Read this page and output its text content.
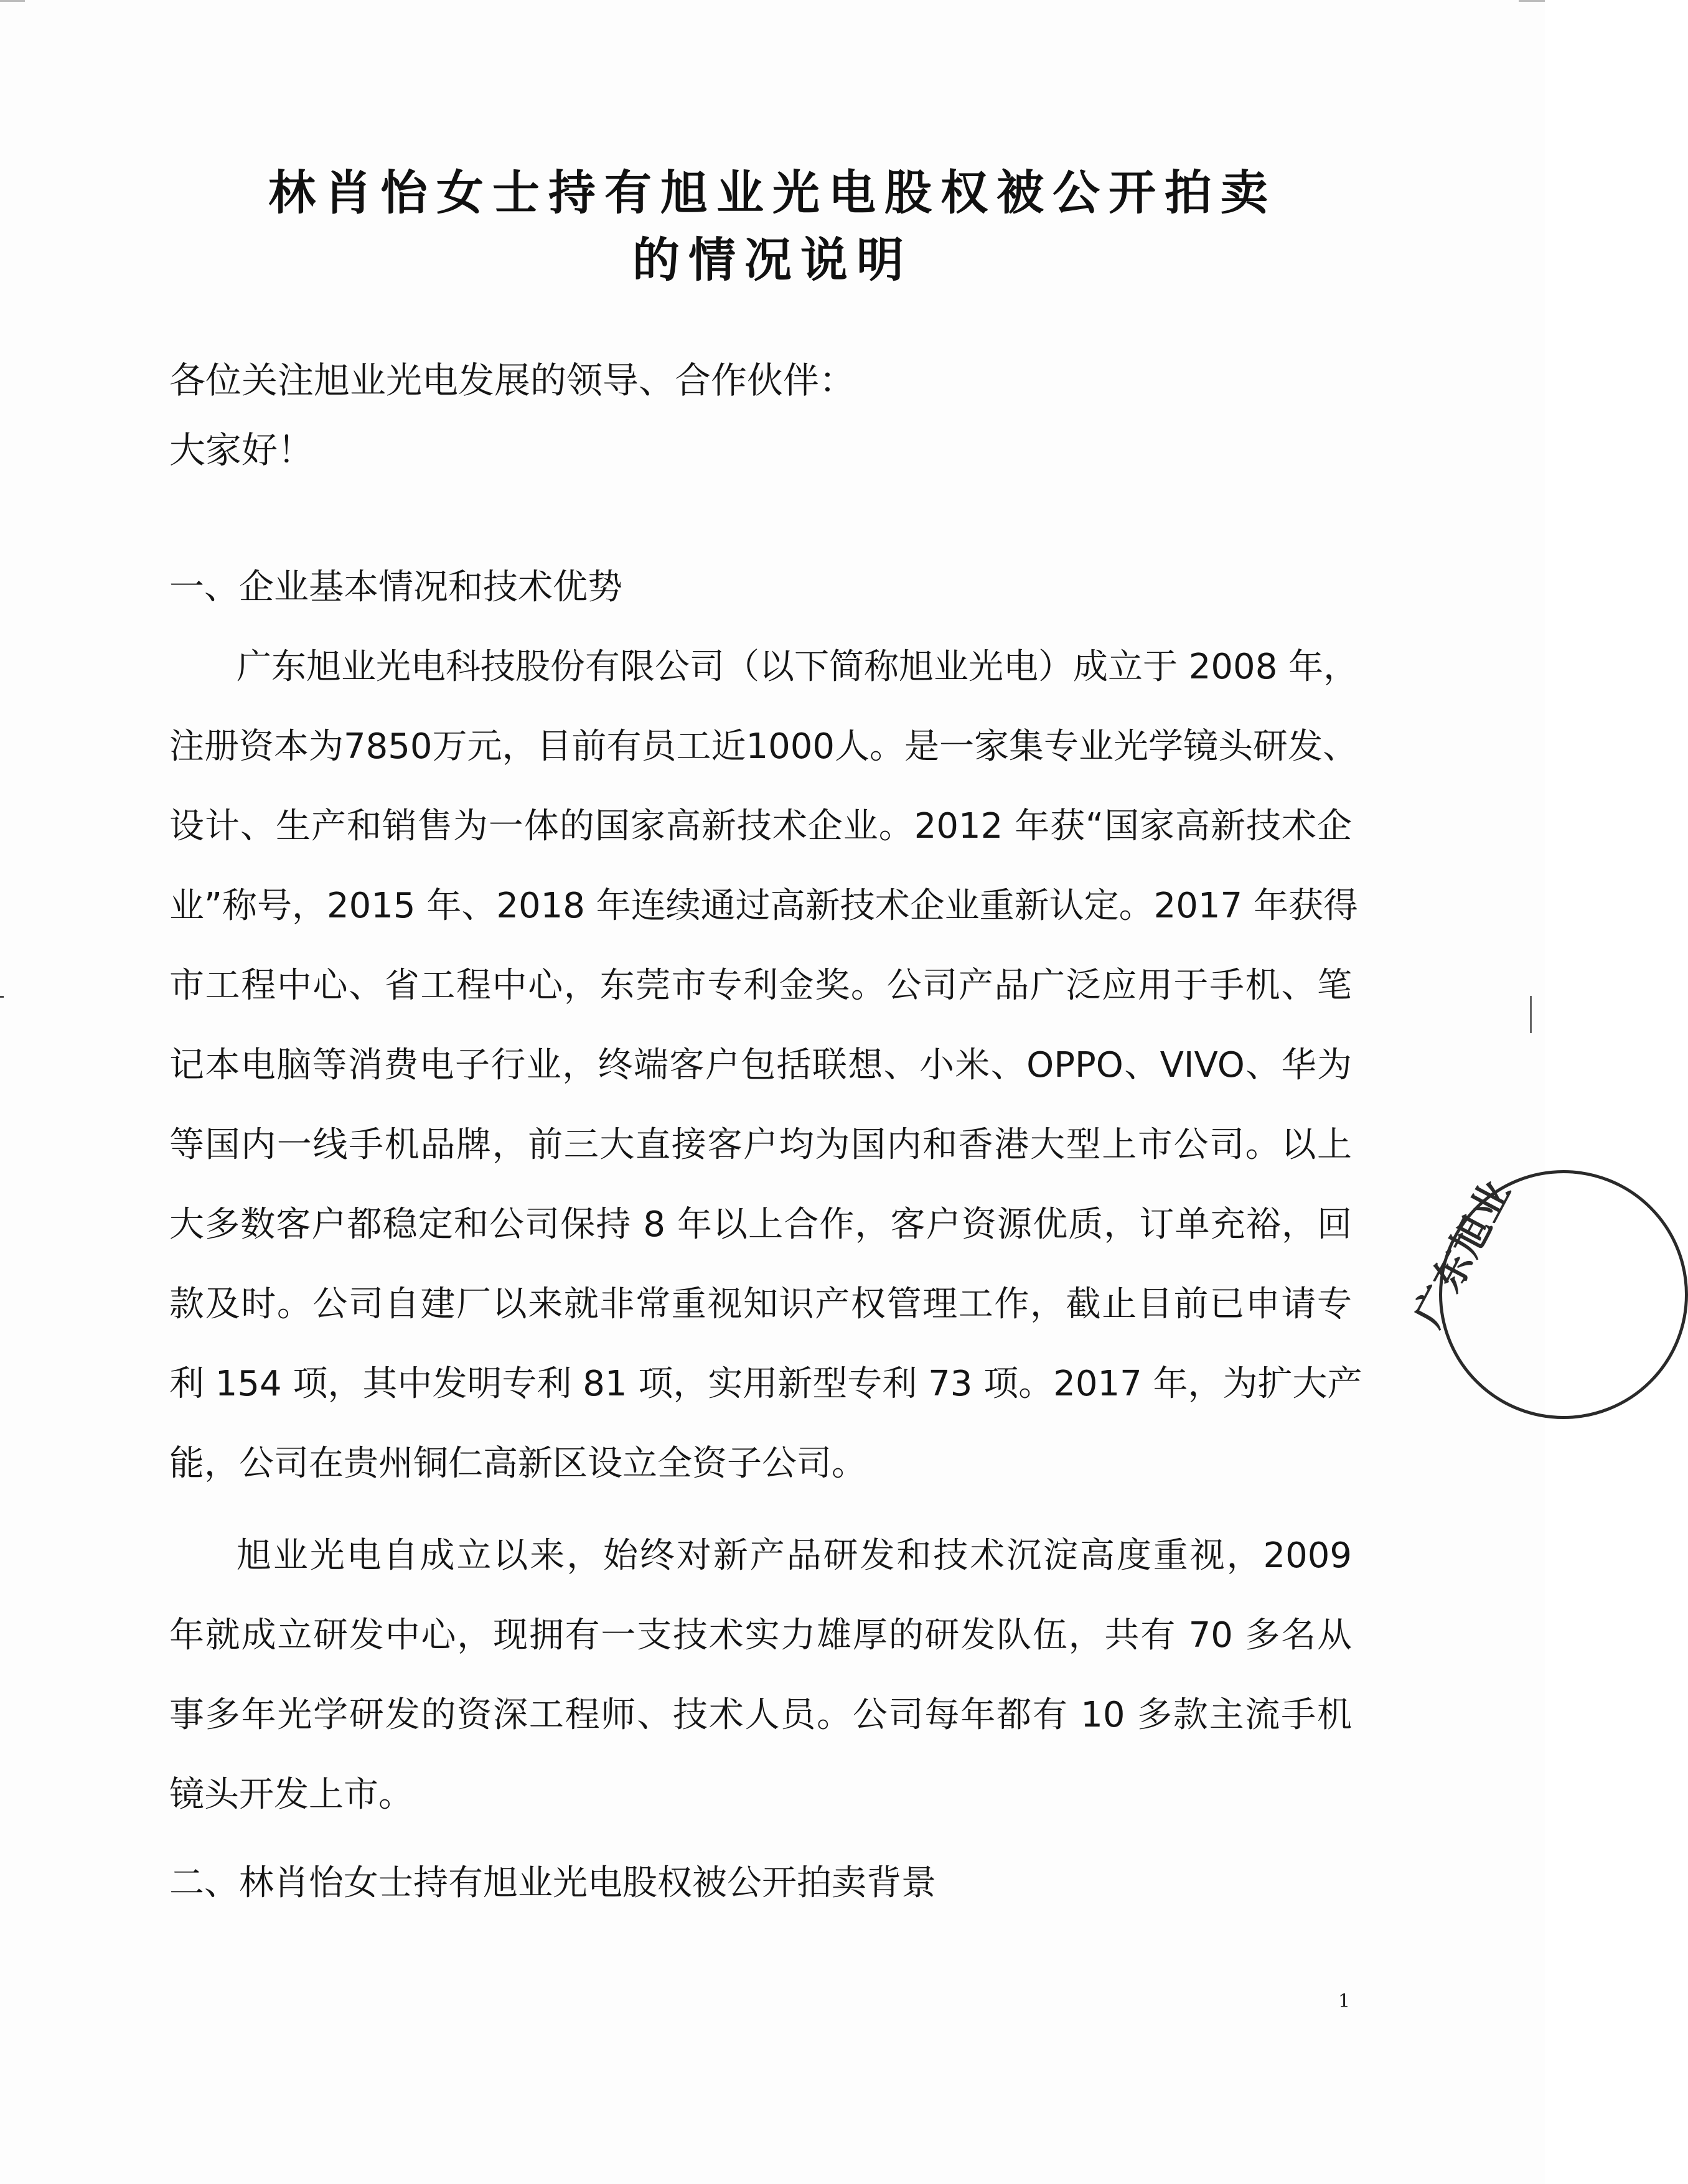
林肖怡女士持有旭业光电股权被公开拍卖
的情况说明
各位关注旭业光电发展的领导、合作伙伴：
大家好！
一、企业基本情况和技术优势
广东旭业光电科技股份有限公司（以下简称旭业光电）成立于 2008 年，
注册资本为7850万元，目前有员工近1000人。是一家集专业光学镜头研发、
设计、生产和销售为一体的国家高新技术企业。2012 年获“国家高新技术企
业”称号，2015 年、2018 年连续通过高新技术企业重新认定。2017 年获得
市工程中心、省工程中心，东莞市专利金奖。公司产品广泛应用于手机、笔
记本电脑等消费电子行业，终端客户包括联想、小米、OPPO、VIVO、华为
等国内一线手机品牌，前三大直接客户均为国内和香港大型上市公司。以上
大多数客户都稳定和公司保持 8 年以上合作，客户资源优质，订单充裕，回
款及时。公司自建厂以来就非常重视知识产权管理工作，截止目前已申请专
利 154 项，其中发明专利 81 项，实用新型专利 73 项。2017 年，为扩大产
能，公司在贵州铜仁高新区设立全资子公司。
旭业光电自成立以来，始终对新产品研发和技术沉淀高度重视，2009
年就成立研发中心，现拥有一支技术实力雄厚的研发队伍，共有 70 多名从
事多年光学研发的资深工程师、技术人员。公司每年都有 10 多款主流手机
镜头开发上市。
二、林肖怡女士持有旭业光电股权被公开拍卖背景
1
广东旭业
